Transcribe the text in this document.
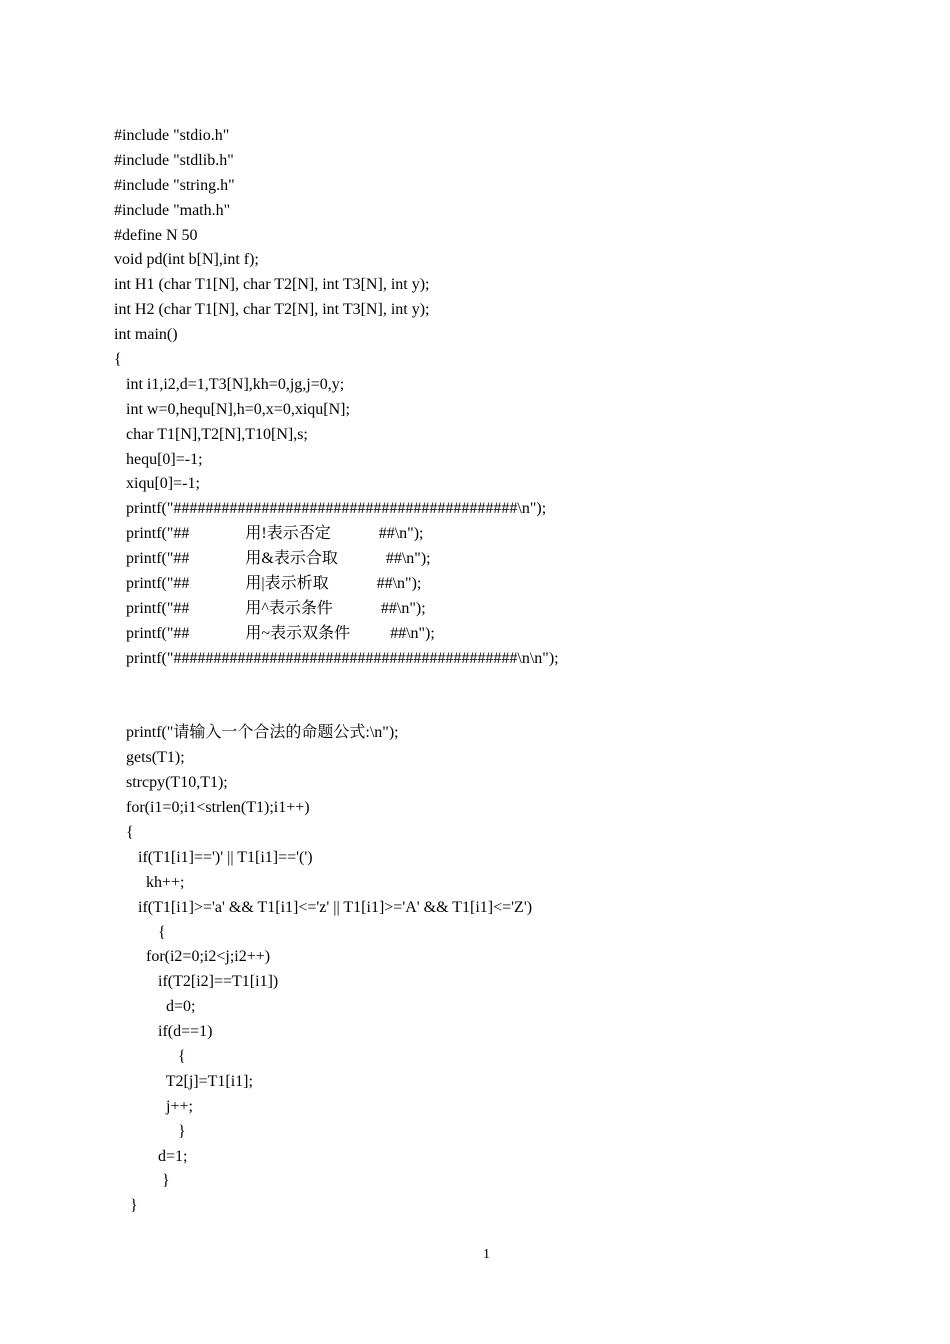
#include "stdio.h"
#include "stdlib.h"
#include "string.h"
#include "math.h"
#define N 50
void pd(int b[N],int f);
int H1 (char T1[N], char T2[N], int T3[N], int y);
int H2 (char T1[N], char T2[N], int T3[N], int y);
int main()
{
int i1,i2,d=1,T3[N],kh=0,jg,j=0,y;
int w=0,hequ[N],h=0,x=0,xiqu[N];
char T1[N],T2[N],T10[N],s;
hequ[0]=-1;
xiqu[0]=-1;
printf("###########################################\n");
printf("##              用!表示否定            ##\n");
printf("##              用&表示合取            ##\n");
printf("##              用|表示析取            ##\n");
printf("##              用^表示条件            ##\n");
printf("##              用~表示双条件          ##\n");
printf("###########################################\n\n");
printf("请输入一个合法的命题公式:\n");
gets(T1);
strcpy(T10,T1);
for(i1=0;i1<strlen(T1);i1++)
{
if(T1[i1]==')' || T1[i1]=='(')
kh++;
if(T1[i1]>='a' && T1[i1]<='z' || T1[i1]>='A' && T1[i1]<='Z')
{
for(i2=0;i2<j;i2++)
if(T2[i2]==T1[i1])
d=0;
if(d==1)
{
T2[j]=T1[i1];
j++;
}
d=1;
}
}
1
